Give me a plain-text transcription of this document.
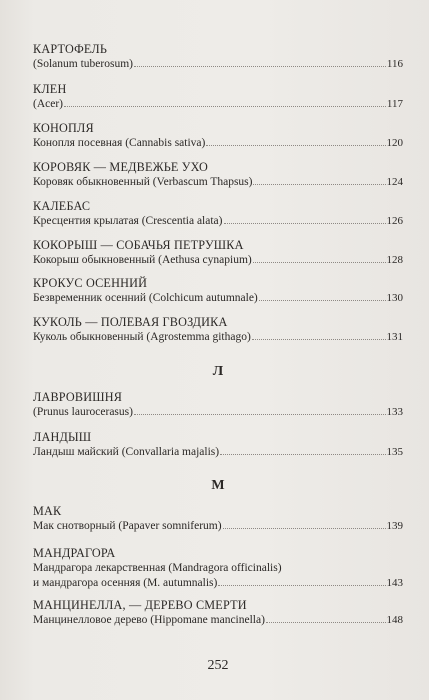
КАРТОФЕЛЬ
(Solanum tuberosum)	116
КЛЕН
(Acer)	117
КОНОПЛЯ
Конопля посевная (Cannabis sativa)	120
КОРОВЯК — МЕДВЕЖЬЕ УХО
Коровяк обыкновенный (Verbascum Thapsus)	124
КАЛЕБАС
Кресцентия крылатая (Crescentia alata)	126
КОКОРЫШ — СОБАЧЬЯ ПЕТРУШКА
Кокорыш обыкновенный (Aethusa cynapium)	128
КРОКУС ОСЕННИЙ
Безвременник осенний (Colchicum autumnale)	130
КУКОЛЬ — ПОЛЕВАЯ ГВОЗДИКА
Куколь обыкновенный (Agrostemma githago)	131
Л
ЛАВРОВИШНЯ
(Prunus laurocerasus)	133
ЛАНДЫШ
Ландыш майский (Convallaria majalis)	135
М
МАК
Мак снотворный (Papaver somniferum)	139
МАНДРАГОРА
Мандрагора лекарственная (Mandragora officinalis)
и мандрагора осенняя (M. autumnalis)	143
МАНЦИНЕЛЛА, — ДЕРЕВО СМЕРТИ
Манцинелловое дерево (Hippomane mancinella)	148
252
